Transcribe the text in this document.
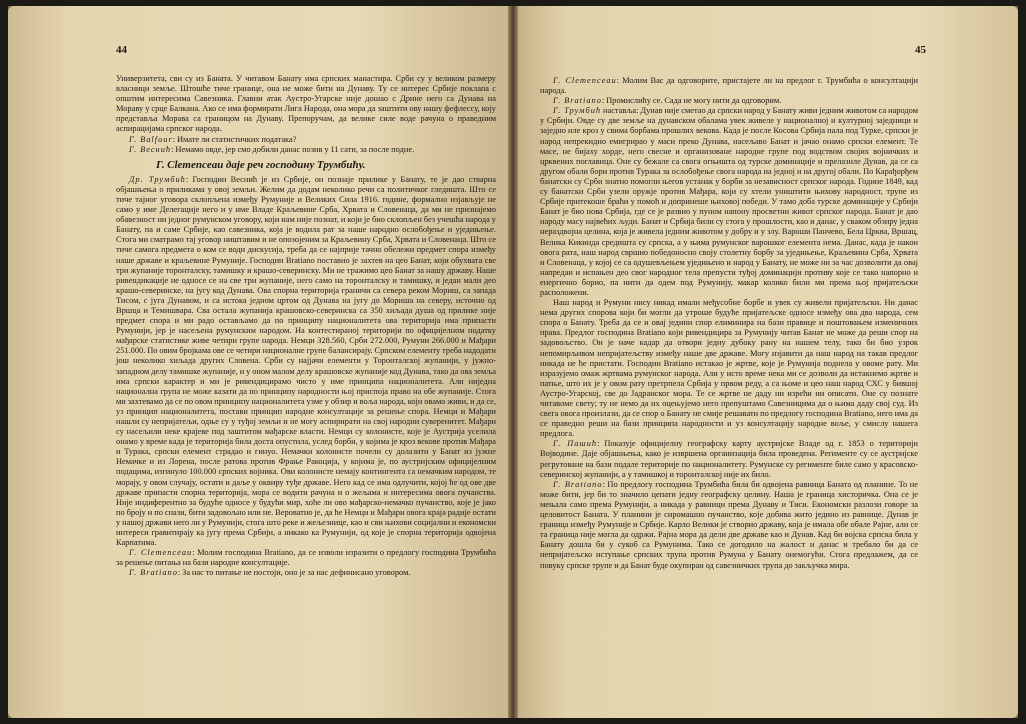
44

Универзитета, сви су из Баната. У читавом Банату има српских манастира. Срби су у великом размеру власници земље. Штошће тиче границе, она не може бити на Дунаву. Ту се интерес Србије поклапа с општим интересима Савезника. Главни атак Аустро-Угарске није дошао с Дрине него са Дунава на Мораву у срце Балкана. Ако се има формирати Лига Народа, она мора да заштити ову нашу фефлессу, коју представља Морава са границом на Дунаву. Препоручам, да велике силе воде рачуна о праведним аспирацијама српског народа.

Г. Balfour: Имате ли статистичких података?

Г. Веснић: Немамо овде, јер смо добили данас позив у 11 сати, за после подне.

Г. Clemenceau даје реч господину Трумбићу.

Др. Трумбић: Господин Веснић је из Србије, он познаје прилике у Банату, те је дао стварна објашњења о приликама у овој земљи. Желим да додам неколико речи са политичког гледишта. Што се тиче тајног уговора склопљена између Румуније и Великих Сила 1916. године, формално изјављује не само у име Делегације него и у име Владе Краљевине Срба, Хрвата и Словенаца, да ми не признајемо обавезност ни једног румунском уговору, који нам није познат, и који је био склопљен без учешћа народа у Банату, па и саме Србије, као савезника, која је водила рат за наше народно ослобођење и уједињење. Стога ми сматрамо тај уговор ништавим и не опозојеним за Краљевину Срба, Хрвата и Словенаца. Што се тиче самога предмета о ком се води дискусија, треба да се најприје тачно обележи предмет спора између наше државе и краљевине Румуније. Господин Bratiano поставио је захтев на цео Банат, који обухвата све три жупаније торонталску, тамишку и крашо-северинску. Ми не тражимо цео Банат за нашу државу. Наше ривендикације не односе се на све три жупаније, него само на торонталску и тамишку, и један мали део крашо-северинске, на југу код Дунава. Ова спорна територија граничи са севера реком Мориш, са запада Тисом, с југа Дунавом, и са истока једном цртом од Дунава на југу до Мориша на северу, источно од Вршца и Темишвара. Сва остала жупанија крашовско-северинска са 350 хиљада душа од прилике није предмет спора и ми радо остављамо да по принципу националитета ова територија има припасти Румунији, јер је насељена румунским народом. На контестираној територији по официјелном податку мађарске статистике живе четири групе народа. Немци 328.560, Срби 272.000, Румуни 266.000 и Мађари 251.000. По овим бројкама ове се четири националне групе балансирају. Српском елементу треба надодати још неколико хиљада других Словена. Срби су најјачи елементи у Торонталској жупанији, у јужно-западном делу тамишке жупаније, и у оном малом делу крашовске жупаније код Дунава, тако да ова земља има српски карактер и ми је ривендицирамо чисто у име принципа националитета. Али ниједна национална група не може казати да по принципу народности њој приспоја право на обе жупаније. Стога ми захтевамо да се по овом принципу националитета узме у обзир и воља народа, који овамо живи, и да се, уз принцип националитета, постави принцип народне консултације за решење спора. Немци и Мађари нашли су непријатељи, одње су у туђој земљи и не могу аспирирати на свој народни суверенитет. Мађари су насељили неке крајеве под заштитом мађарске власти. Немци су колонисте, које је Аустрија уселила онамо у време када је територија била доста опустила, услед борби, у којима је кроз векове против Мађара и Турака, српски елемент страдао и гинуо. Немачки колонисте почели су долазити у Банат из јужне Немачке и из Лорена, после ратова против Фрање Ракоција, у којима је, по аустријским официјелним подацима, изгинуло 100.000 српских војника. Ови колонисте немају контингента са немачким народом, те морају, у овом случају, остати и даље у оквиру туђе државе. Него кад се има одлучити, којој ће од ове две државе припасти спорна територија, мора се водити рачуна и о жељама и интересима овога пучанства. Није индиферентно за будуће односе у будући мир, хоће ли ово мађарско-немачко пучанство, које је јако по броју и по снази, бити задовољно или не. Вероватно је, да ће Немци и Мађари овога краја радије остати у нашој држави него ли у Румунији, стога што реке и жељезнице, као и сви њихови социјални и економски интереси гравитирају ка југу према Србији, а никако ка Румунији, од које је спорна територија одвојена Карпатима.

Г. Clemenceau: Молим господина Bratiano, да се изволи изразити о предлогу господина Трумбића за решење питања на бази народне консултације.

Г. Bratiano: За нас то питање не постоји, оно је за нас дефинисано уговором.

45

Г. Clemenceau: Молим Вас да одговорите, пристајете ли на предлог г. Трумбића о консултацији народа.

Г. Bratiano: Промислићу се. Сада не могу нити да одговорим.

Г. Трумбић наставља: Дунав није сметао да српски народ у Банату живи једним животом са народом у Србији. Овде су две земље на дунавском обалама увек живеле у националној и културној заједници и заједно иле кроз у свима борбама прошлих векова. Када је после Косова Србија пала под Турке, српски је народ непрекидно емигрирао у маси преко Дунава, насељаво Банат и јачао онамо српски елемент. Те масе, не бијаху хорде, него свесне и организоване народне групе под водством својих војничких и црквених поглавица. Оне су бежале са свога огњишта од турске доминације и прелазиле Дунав, да се са другом обали бори против Турака за ослобођење свога народа на једној и на другој обали. По Карађорђем банатски су Срби знатно помогли његов устанак у борби за независност српског народа. Године 1849, кад су банатски Срби узели оружје против Мађара, који су хтели уништити њихову народност, трупе из Србије притекоше браћи у помоћ и допринеше њиховој победи. У тамо доба турске доминације у Србији Банат је био нова Србија, где се је развио у пуном напону просветни живот српског народа. Банат је дао народу масу највећих људи. Банат и Србија били су стога у прошлости, као и данас, у сваком обзиру једна нераздвојна целина, која је живела једним животом у добру и у злу. Вароши Панчево, Бела Црква, Вршац, Велика Кикинда средишта су српска, а у њима румунског варошког елемента нема. Данас, када је након овога рата, наш народ свршио победоносно своју столетну борбу за уједињење, Краљевина Срба, Хрвата и Словенаца, у којој се са одушевљењем уједињено и народ у Банату, не може ни за час дозволити да овај напредан и испањен део свог народног тела препусти туђој доминацији противу које се тако напорно и енергично борио, па нити да одем под Румунију, макар колико били ми према њој пријатељски расположени.

Наш народ и Румуни нису никад имали међусобне борбе и увек су живели пријатељски. Ни данас нема других спорова који би могли да утроше будуће пријатељске односе између ова два народа, сем спора о Банату. Треба да се и овај једини спор елиминира на бази правице и поштовањем изменичних права. Предлог господина Bratiano који ривендицира за Румунију читав Банат не може да реши спор на задовољство. Он је наче кадар да отвори једну дубоку рану на нашем телу, тако би био узрок непомирљивом непријатељству између наше две државе. Могу изјавити да наш народ на такав предлог никада не ће пристати. Господин Bratiano истакао је жртве, које је Румунија поднела у овоме рату. Ми изразујемо омаж жртвама румунског народа. Али у исто време нека ми се дозволи да истакнемо жртве и патње, што их је у овом рату претрпела Србија у првом реду, а са њоме и цео наш народ СХС у бившој Аустро-Угарској, све до Јадранског мора. Те се жртве не даду ни изрећи ни описати. Оне су познате читавоме свету; ту не немо да их оцењујемо него препуштамо Савезницима да о њима даду свој суд. Из свега овога произлази, да се спор о Банату не смије решавати по предлогу господина Bratiano, него има да се праведно реши на бази принципа народности и уз консултацију народне воље, у смислу нашега предлога.

Г. Пашић: Показује официјелну географску карту аустријске Владе од г. 1853 о територији Војводине. Даје објашњења, како је извршена организација била проведена. Регименте су се аустријске регрутоване на бази подале територије по националитету. Румунске су регименте биле само у красовско-северинској жупанији, а у тамишкој и торонталској није их било.

Г. Bratiano: По предлогу господина Трумбића била би одвојена равница Баната од планине. То не може бити, јер би то значило цепати једну географску целину. Наша је граница хисторичка. Она се је мењала само према Румунији, а никада у равници према Дунаву и Тиси. Економски разлози говоре за целовитост Баната. У планини је сиромашно пучанство, које добива жито једино из равнице. Дунав је граница између Румуније и Србије. Карло Велики је створио државу, која је имала обе обале Рајне, али се та граница није могла да одржи. Рајна мора да дели две државе као и Дунав. Кад би војска српска била у Банату дошла би у сукоб са Румунима. Тако се догодило на жалост и данас и требало би да се непријатељско иступање српских трупа против Румуна у Банату онемогући. Стога предлажем, да се повуку српске трупе и да Банат буде окупиран од савезничких трупа до закључка мира.
